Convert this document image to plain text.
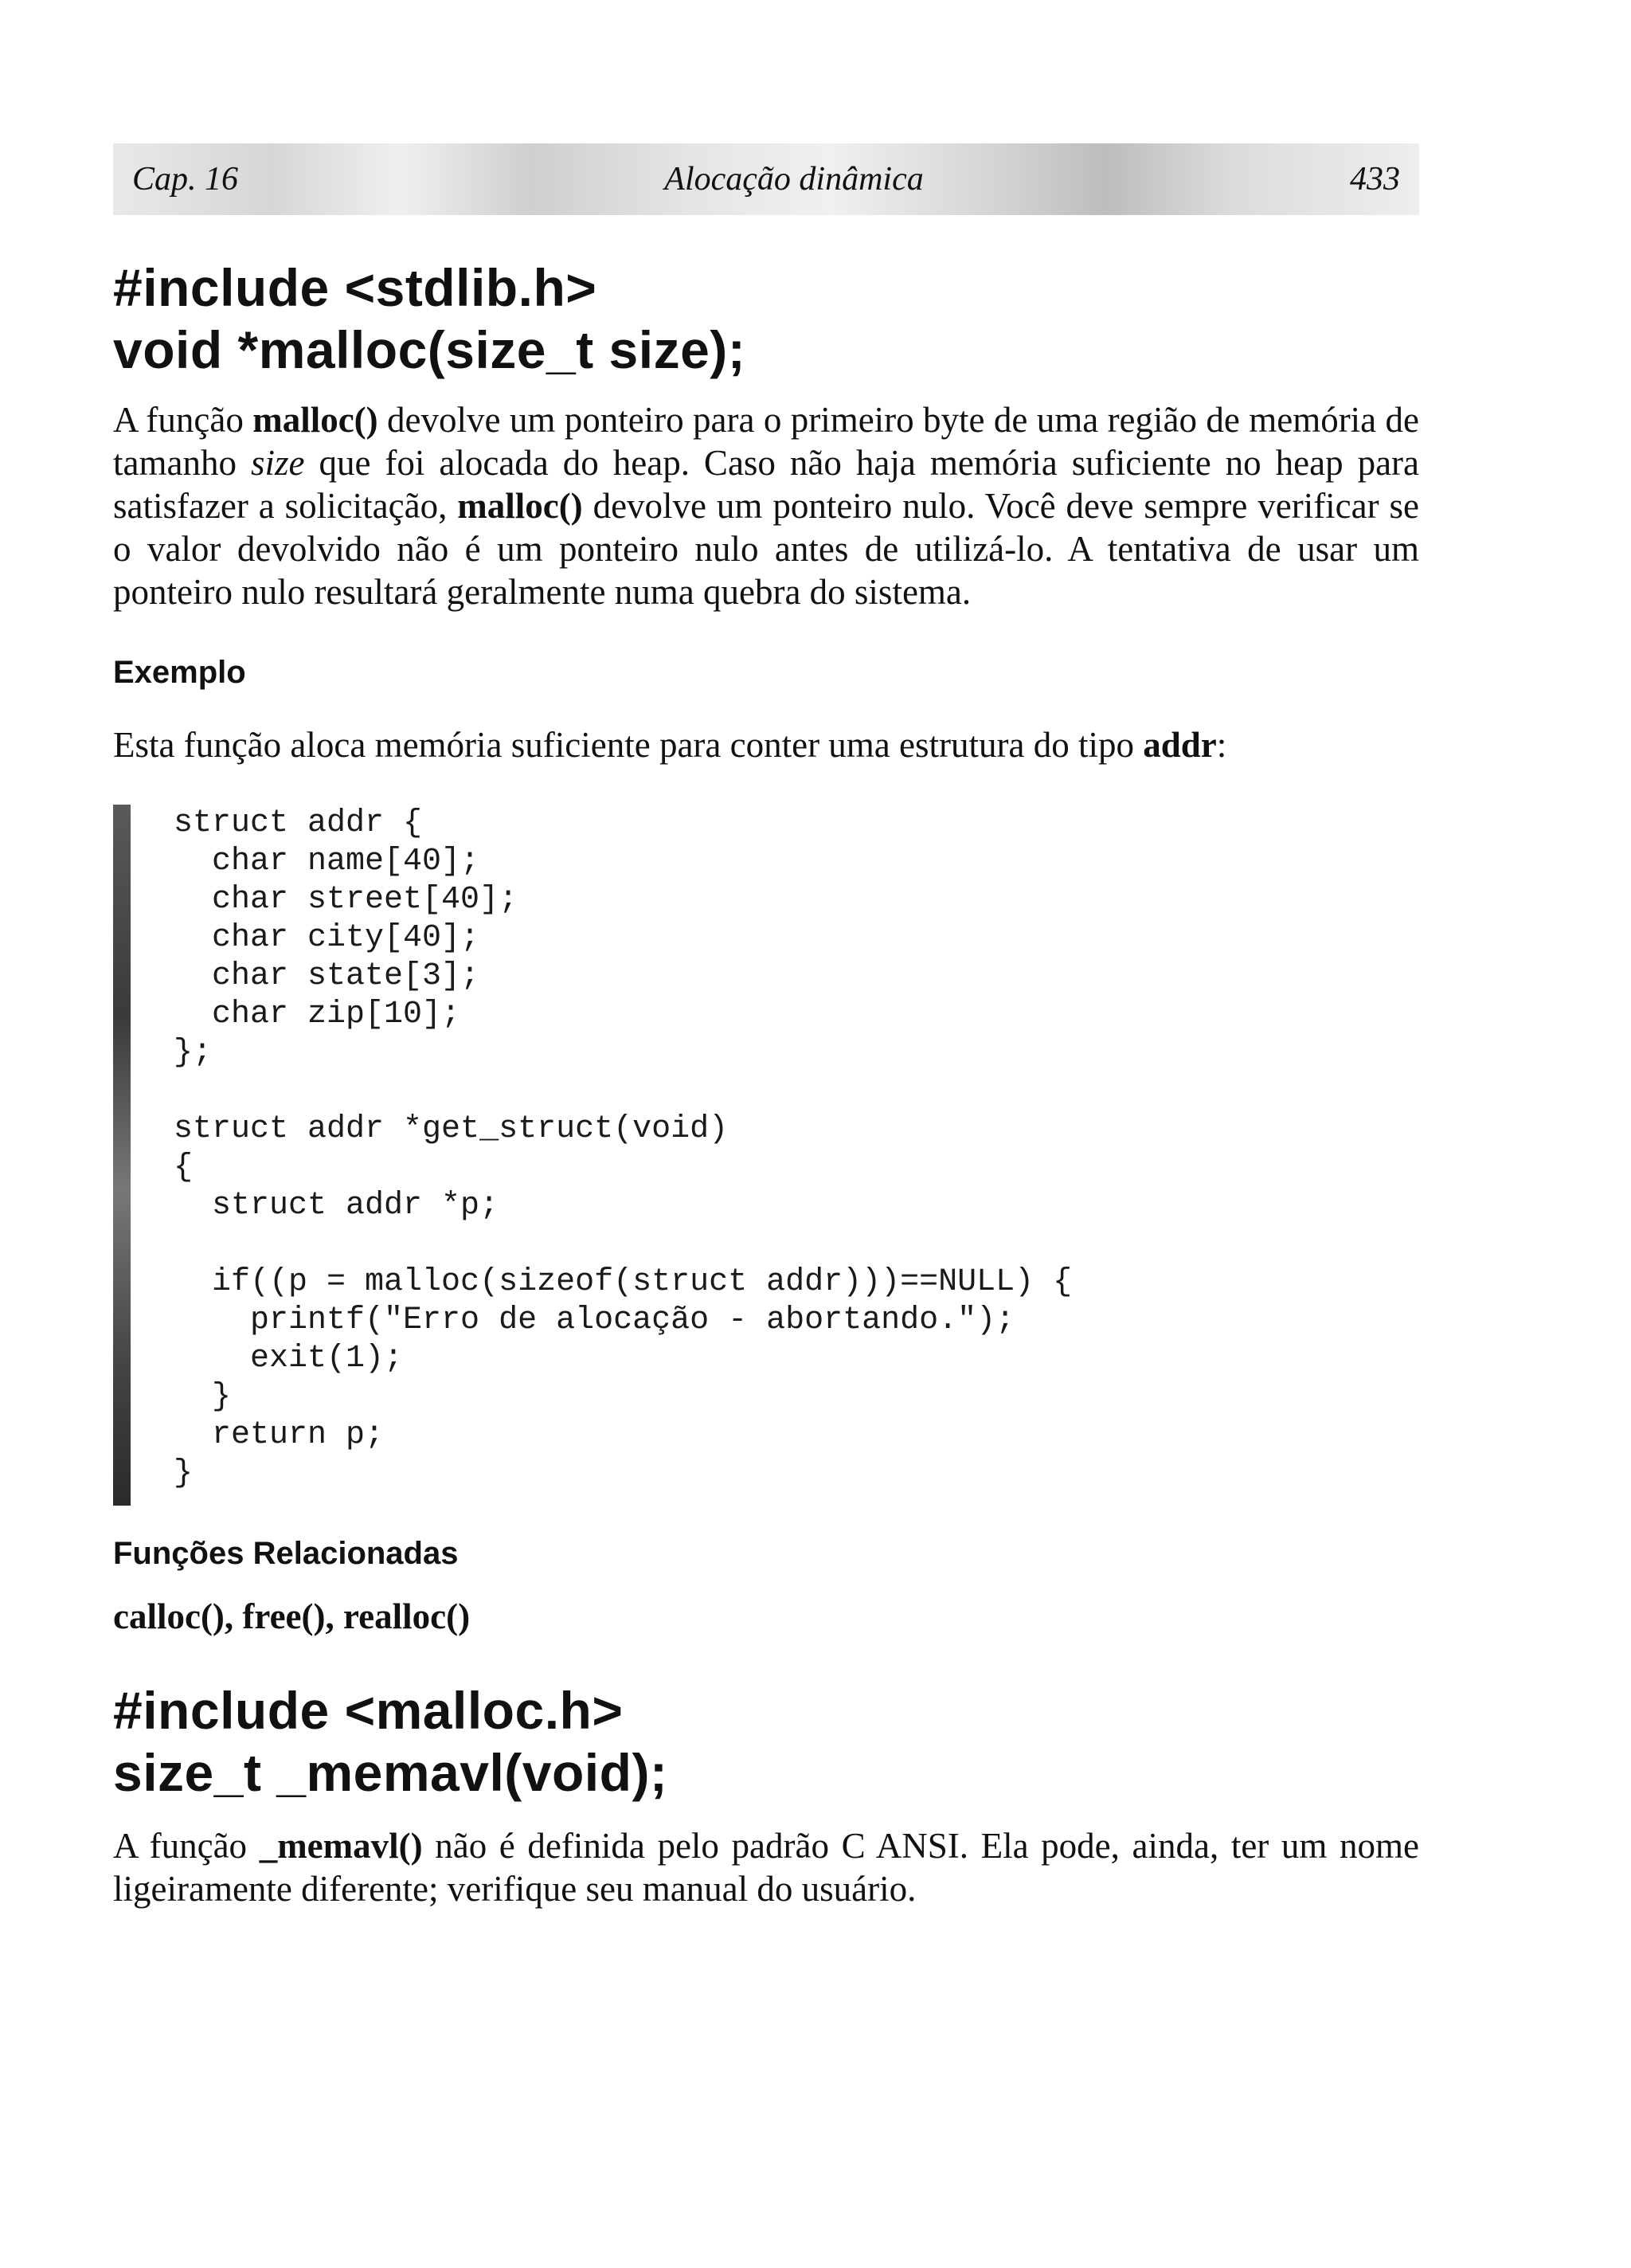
Cap. 16	Alocação dinâmica	433

#include <stdlib.h>

void *malloc(size_t size);

A função malloc() devolve um ponteiro para o primeiro byte de uma região de memória de tamanho size que foi alocada do heap. Caso não haja memória suficiente no heap para satisfazer a solicitação, malloc() devolve um ponteiro nulo. Você deve sempre verificar se o valor devolvido não é um ponteiro nulo antes de utilizá-lo. A tentativa de usar um ponteiro nulo resultará geralmente numa quebra do sistema.

Exemplo

Esta função aloca memória suficiente para conter uma estrutura do tipo addr:

struct addr {
char name[40];
char street[40];
char city[40];
char state[3];
char zip[10];
};
struct addr *get_struct(void)
{
struct addr *p;
if((p = malloc(sizeof(struct addr)))==NULL) {
printf("Erro de alocação - abortando.");
exit(1);
}
return p;
}

Funções Relacionadas

calloc(), free(), realloc()

#include <malloc.h>

size_t _memavl(void);

A função _memavl() não é definida pelo padrão C ANSI. Ela pode, ainda, ter um nome ligeiramente diferente; verifique seu manual do usuário.
